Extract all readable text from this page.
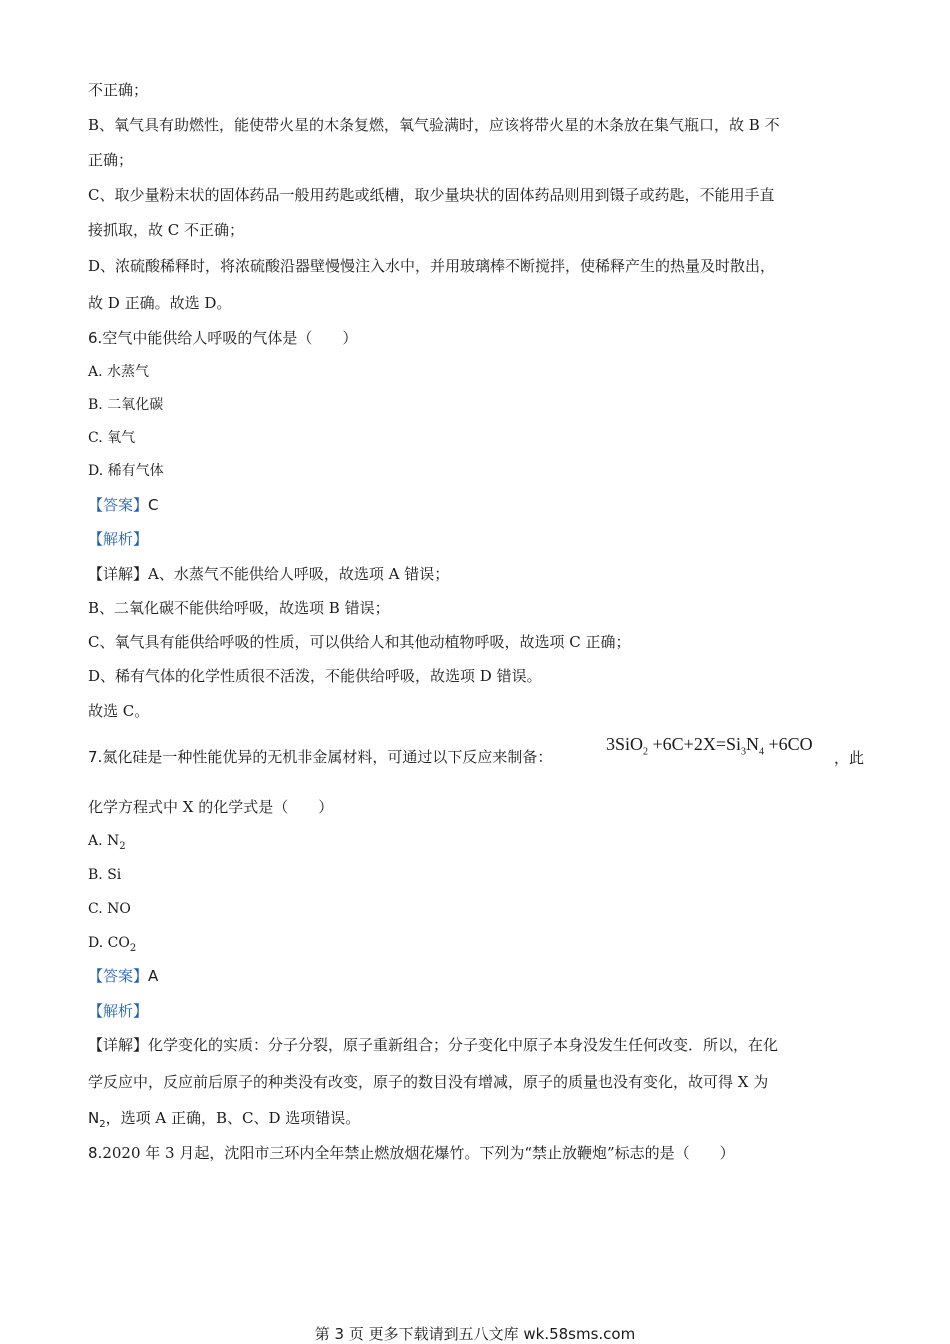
不正确；
B、氧气具有助燃性，能使带火星的木条复燃，氧气验满时，应该将带火星的木条放在集气瓶口，故 B 不
正确；
C、取少量粉末状的固体药品一般用药匙或纸槽，取少量块状的固体药品则用到镊子或药匙，不能用手直
接抓取，故 C 不正确；
D、浓硫酸稀释时，将浓硫酸沿器壁慢慢注入水中，并用玻璃棒不断搅拌，使稀释产生的热量及时散出，
故 D 正确。故选 D。
6.空气中能供给人呼吸的气体是（　　）
A. 水蒸气
B. 二氧化碳
C. 氧气
D. 稀有气体
【答案】C
【解析】
【详解】A、水蒸气不能供给人呼吸，故选项 A 错误；
B、二氧化碳不能供给呼吸，故选项 B 错误；
C、氧气具有能供给呼吸的性质，可以供给人和其他动植物呼吸，故选项 C 正确；
D、稀有气体的化学性质很不活泼，不能供给呼吸，故选项 D 错误。
故选 C。
7.氮化硅是一种性能优异的无机非金属材料，可通过以下反应来制备：
$3SiO_2 +6C+2X=Si_3N_4 +6CO$
，此
化学方程式中 X 的化学式是（　　）
A. $N_2$
B. Si
C. NO
D. $CO_2$
【答案】A
【解析】
【详解】化学变化的实质：分子分裂，原子重新组合；分子变化中原子本身没发生任何改变．所以，在化
学反应中，反应前后原子的种类没有改变，原子的数目没有增减，原子的质量也没有变化，故可得 X 为
$N_2$，选项 A 正确，B、C、D 选项错误。
8.2020 年 3 月起，沈阳市三环内全年禁止燃放烟花爆竹。下列为“禁止放鞭炮”标志的是（　　）
第 3 页 更多下载请到五八文库 wk.58sms.com
